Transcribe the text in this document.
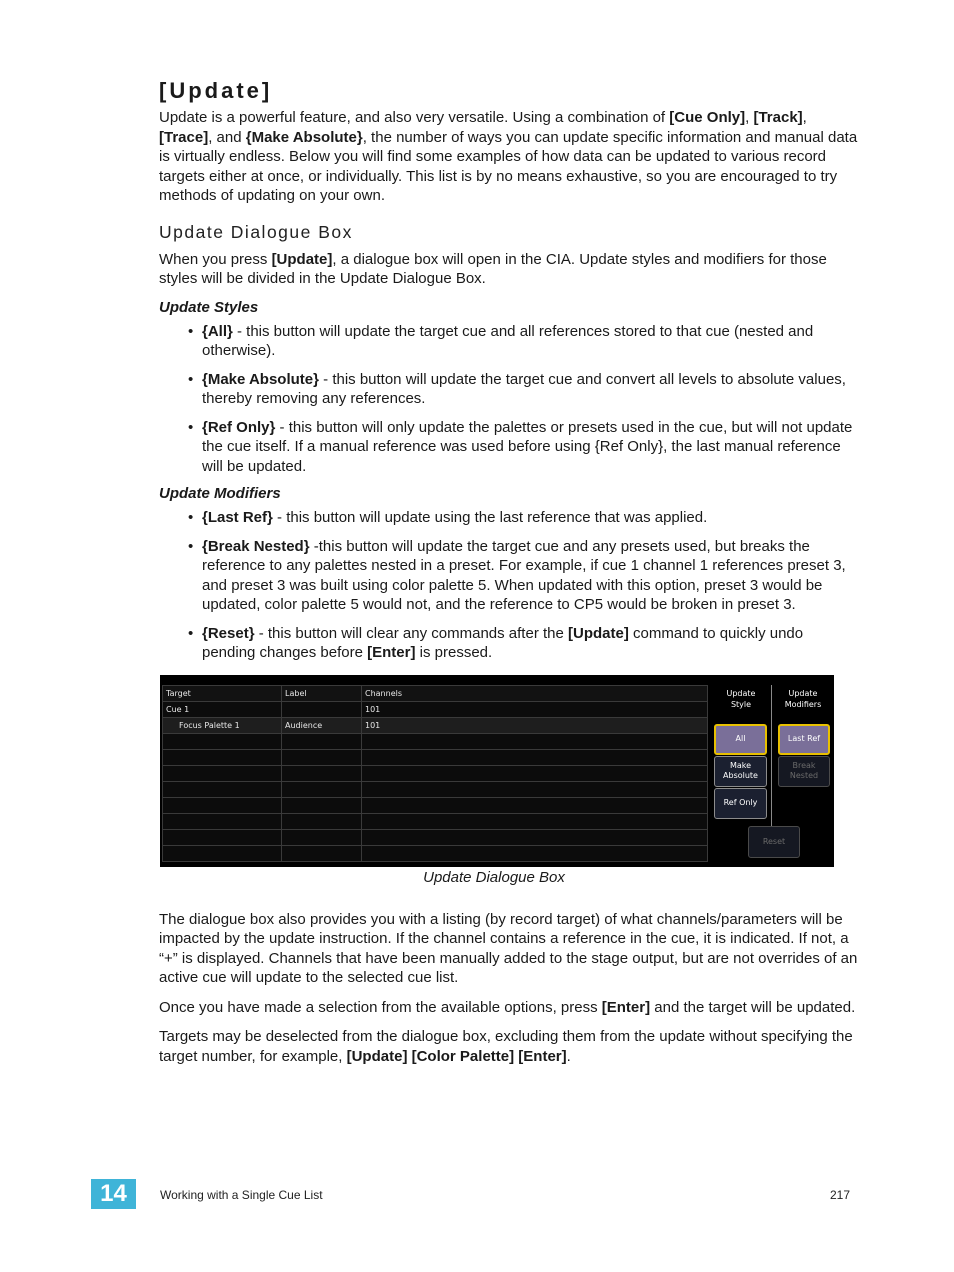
[Update]

Update is a powerful feature, and also very versatile. Using a combination of [Cue Only], [Track], [Trace], and {Make Absolute}, the number of ways you can update specific information and manual data is virtually endless. Below you will find some examples of how data can be updated to various record targets either at once, or individually. This list is by no means exhaustive, so you are encouraged to try methods of updating on your own.

Update Dialogue Box

When you press [Update], a dialogue box will open in the CIA. Update styles and modifiers for those styles will be divided in the Update Dialogue Box.

Update Styles
• {All} - this button will update the target cue and all references stored to that cue (nested and otherwise).
• {Make Absolute} - this button will update the target cue and convert all levels to absolute values, thereby removing any references.
• {Ref Only} - this button will only update the palettes or presets used in the cue, but will not update the cue itself. If a manual reference was used before using {Ref Only}, the last manual reference will be updated.
Update Modifiers
• {Last Ref} - this button will update using the last reference that was applied.
• {Break Nested} -this button will update the target cue and any presets used, but breaks the reference to any palettes nested in a preset. For example, if cue 1 channel 1 references preset 3, and preset 3 was built using color palette 5. When updated with this option, preset 3 would be updated, color palette 5 would not, and the reference to CP5 would be broken in preset 3.
• {Reset} - this button will clear any commands after the [Update] command to quickly undo pending changes before [Enter] is pressed.
Target	Label	Channels
Cue 1		101
Focus Palette 1	Audience	101

Update
Style
Update
Modifiers
All
Make
Absolute
Ref Only
Last Ref
Break
Nested
Reset
Update Dialogue Box

The dialogue box also provides you with a listing (by record target) of what channels/parameters will be impacted by the update instruction. If the channel contains a reference in the cue, it is indicated. If not, a “+” is displayed. Channels that have been manually added to the stage output, but are not overrides of an active cue will update to the selected cue list.

Once you have made a selection from the available options, press [Enter] and the target will be updated.

Targets may be deselected from the dialogue box, excluding them from the update without specifying the target number, for example, [Update] [Color Palette] [Enter].

14	Working with a Single Cue List	217
